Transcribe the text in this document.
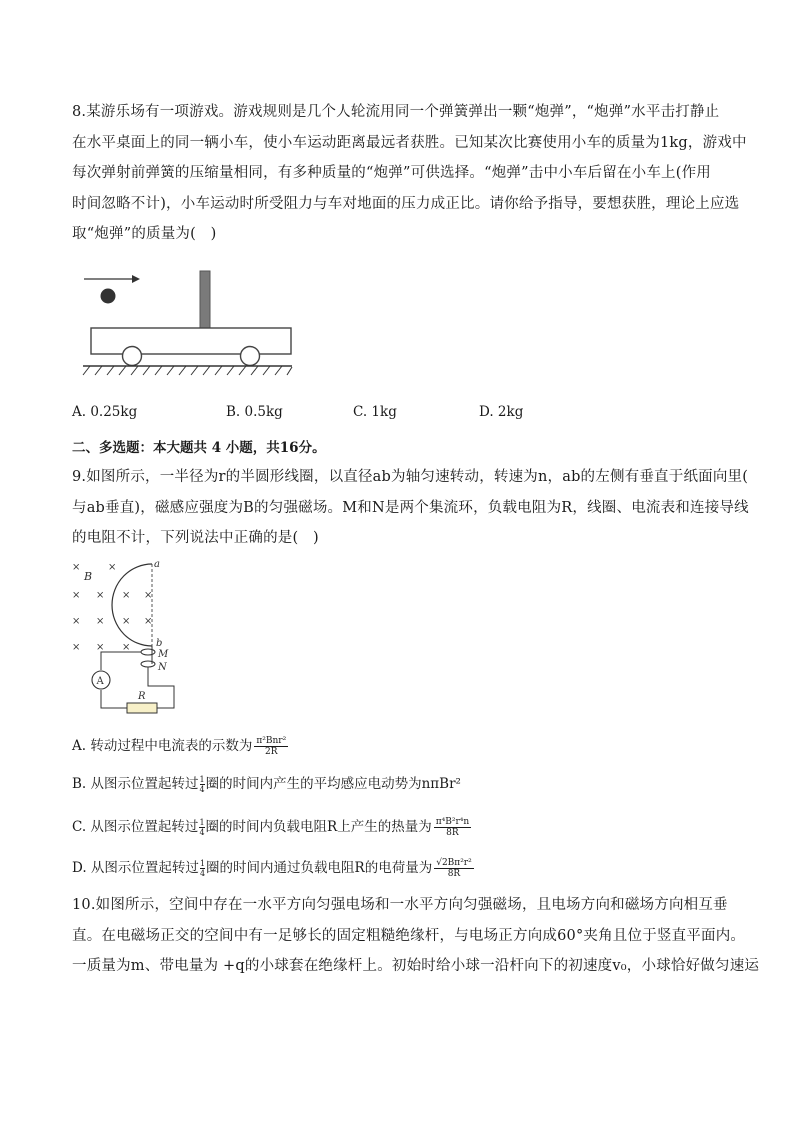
8.某游乐场有一项游戏。游戏规则是几个人轮流用同一个弹簧弹出一颗“炮弹”，“炮弹”水平击打静止
在水平桌面上的同一辆小车，使小车运动距离最远者获胜。已知某次比赛使用小车的质量为1kg，游戏中
每次弹射前弹簧的压缩量相同，有多种质量的“炮弹”可供选择。“炮弹”击中小车后留在小车上(作用
时间忽略不计)，小车运动时所受阻力与车对地面的压力成正比。请你给予指导，要想获胜，理论上应选
取“炮弹”的质量为(　)
A. 0.25kg	B. 0.5kg	C. 1kg	D. 2kg
二、多选题：本大题共 4 小题，共16分。
9.如图所示，一半径为r的半圆形线圈，以直径ab为轴匀速转动，转速为n，ab的左侧有垂直于纸面向里(
与ab垂直)，磁感应强度为B的匀强磁场。M和N是两个集流环，负载电阻为R，线圈、电流表和连接导线
的电阻不计，下列说法中正确的是(　)
×	×
× × × ×
× × × ×
× × ×
B
a
b
M
N
A
R
A. 转动过程中电流表的示数为 $\frac{\text{π²Bnr²}}{2R}$
B. 从图示位置起转过 $\frac{1}{4}$ 圈的时间内产生的平均感应电动势为nπBr²
C. 从图示位置起转过 $\frac{1}{4}$ 圈的时间内负载电阻R上产生的热量为 $\frac{\text{π⁴B²r⁴n}}{8R}$
D. 从图示位置起转过 $\frac{1}{4}$ 圈的时间内通过负载电阻R的电荷量为 $\frac{\text{√2Bπ²r²}}{8R}$
10.如图所示，空间中存在一水平方向匀强电场和一水平方向匀强磁场，且电场方向和磁场方向相互垂
直。在电磁场正交的空间中有一足够长的固定粗糙绝缘杆，与电场正方向成60°夹角且位于竖直平面内。
一质量为m、带电量为 +q的小球套在绝缘杆上。初始时给小球一沿杆向下的初速度v₀，小球恰好做匀速运
